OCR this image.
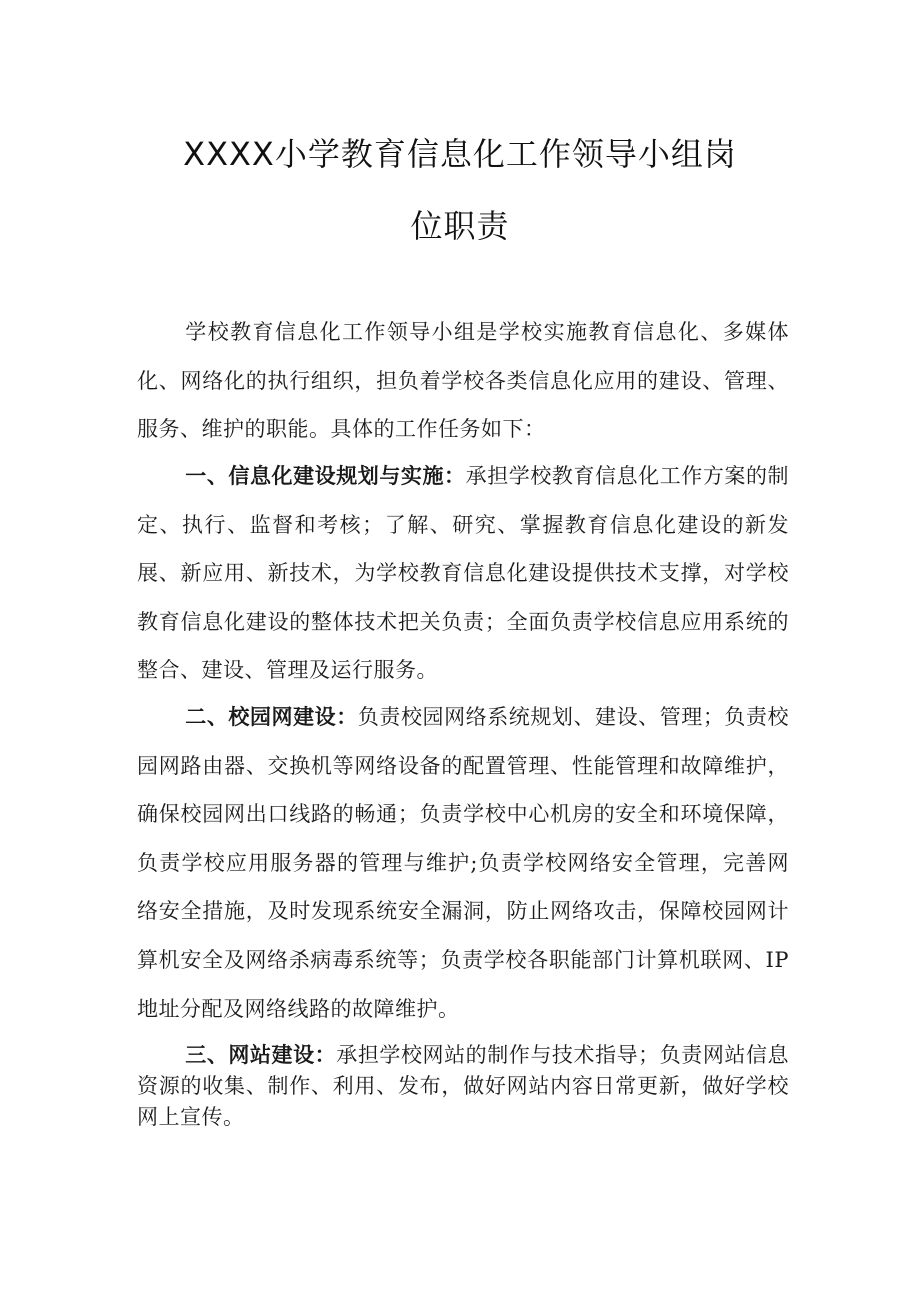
XXXX小学教育信息化工作领导小组岗
位职责

学校教育信息化工作领导小组是学校实施教育信息化、多媒体化、网络化的执行组织，担负着学校各类信息化应用的建设、管理、服务、维护的职能。具体的工作任务如下：

一、信息化建设规划与实施：承担学校教育信息化工作方案的制定、执行、监督和考核；了解、研究、掌握教育信息化建设的新发展、新应用、新技术，为学校教育信息化建设提供技术支撑，对学校教育信息化建设的整体技术把关负责；全面负责学校信息应用系统的整合、建设、管理及运行服务。

二、校园网建设：负责校园网络系统规划、建设、管理；负责校园网路由器、交换机等网络设备的配置管理、性能管理和故障维护，确保校园网出口线路的畅通；负责学校中心机房的安全和环境保障，负责学校应用服务器的管理与维护;负责学校网络安全管理，完善网络安全措施，及时发现系统安全漏洞，防止网络攻击，保障校园网计算机安全及网络杀病毒系统等；负责学校各职能部门计算机联网、IP地址分配及网络线路的故障维护。

三、网站建设：承担学校网站的制作与技术指导；负责网站信息资源的收集、制作、利用、发布，做好网站内容日常更新，做好学校网上宣传。
